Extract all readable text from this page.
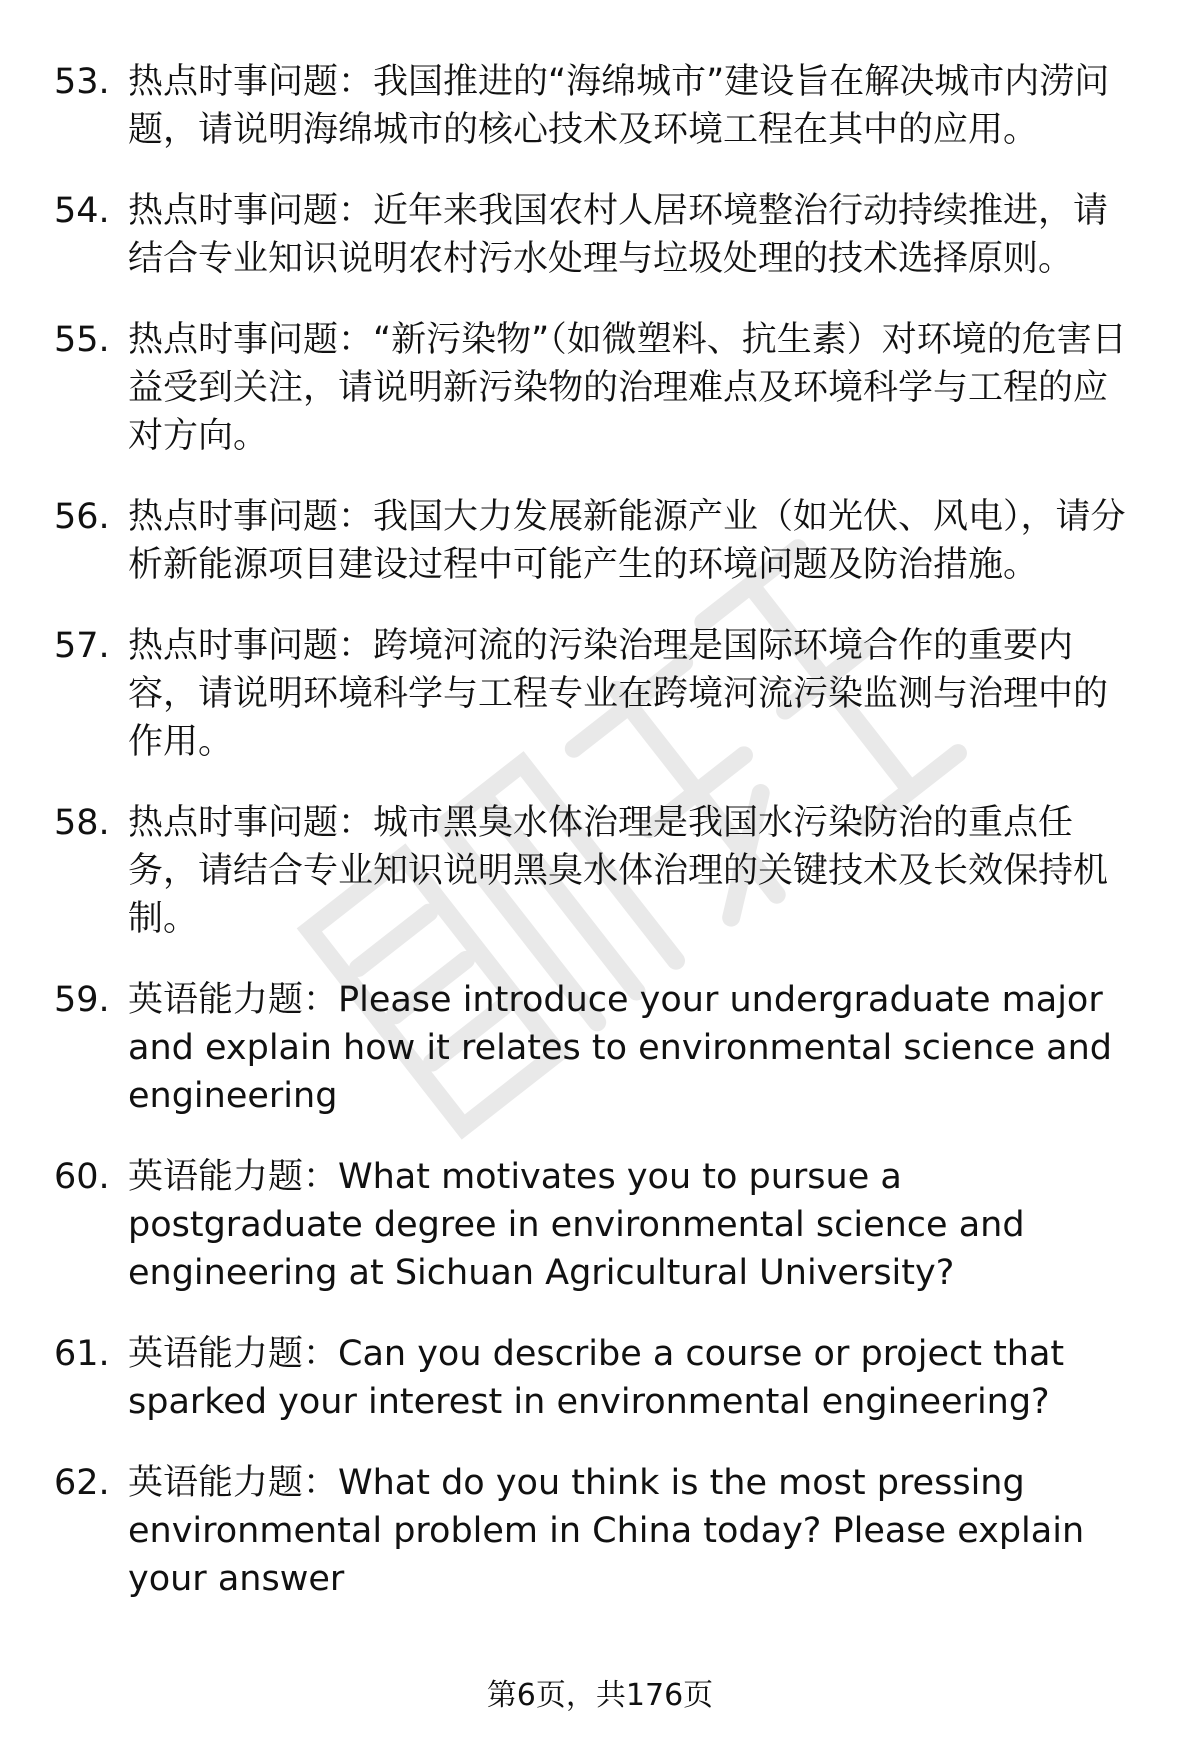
53. 热点时事问题：我国推进的“海绵城市”建设旨在解决城市内涝问题，请说明海绵城市的核心技术及环境工程在其中的应用。
54. 热点时事问题：近年来我国农村人居环境整治行动持续推进，请结合专业知识说明农村污水处理与垃圾处理的技术选择原则。
55. 热点时事问题：“新污染物”（如微塑料、抗生素）对环境的危害日益受到关注，请说明新污染物的治理难点及环境科学与工程的应对方向。
56. 热点时事问题：我国大力发展新能源产业（如光伏、风电），请分析新能源项目建设过程中可能产生的环境问题及防治措施。
57. 热点时事问题：跨境河流的污染治理是国际环境合作的重要内容，请说明环境科学与工程专业在跨境河流污染监测与治理中的作用。
58. 热点时事问题：城市黑臭水体治理是我国水污染防治的重点任务，请结合专业知识说明黑臭水体治理的关键技术及长效保持机制。
59. 英语能力题：Please introduce your undergraduate major and explain how it relates to environmental science and engineering
60. 英语能力题：What motivates you to pursue a postgraduate degree in environmental science and engineering at Sichuan Agricultural University?
61. 英语能力题：Can you describe a course or project that sparked your interest in environmental engineering?
62. 英语能力题：What do you think is the most pressing environmental problem in China today? Please explain your answer
第6页，共176页
